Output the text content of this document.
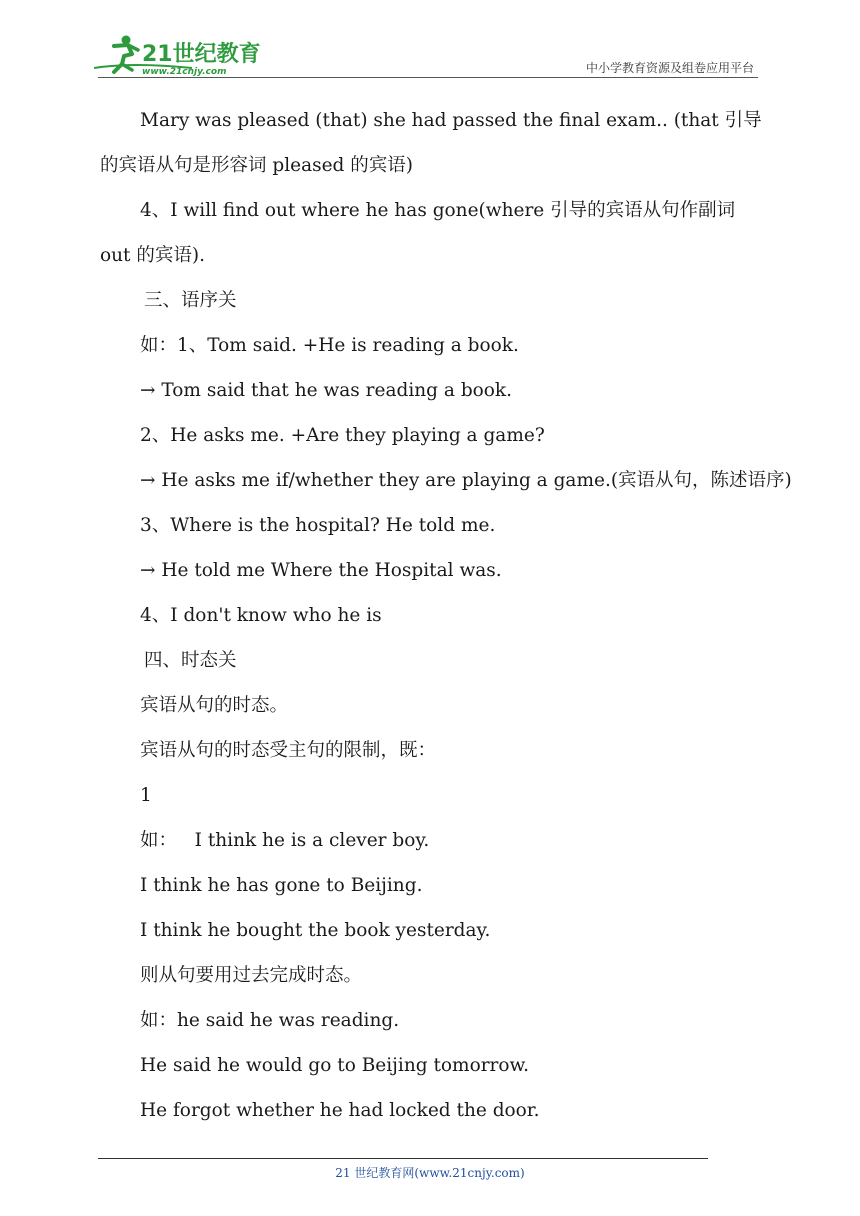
21世纪教育
www.21cnjy.com	中小学教育资源及组卷应用平台

Mary was pleased (that) she had passed the final exam.. (that 引导的宾语从句是形容词 pleased 的宾语)

4、I will find out where he has gone(where 引导的宾语从句作副词 out 的宾语).

三、语序关

如：1、Tom said. +He is reading a book.

→ Tom said that he was reading a book.

2、He asks me. +Are they playing a game?

→ He asks me if/whether they are playing a game.(宾语从句，陈述语序)

3、Where is the hospital? He told me.

→ He told me Where the Hospital was.

4、I don't know who he is

四、时态关

宾语从句的时态。

宾语从句的时态受主句的限制，既：

1

如：   I think he is a clever boy.

I think he has gone to Beijing.

I think he bought the book yesterday.

则从句要用过去完成时态。

如：he said he was reading.

He said he would go to Beijing tomorrow.

He forgot whether he had locked the door.

21 世纪教育网(www.21cnjy.com)
